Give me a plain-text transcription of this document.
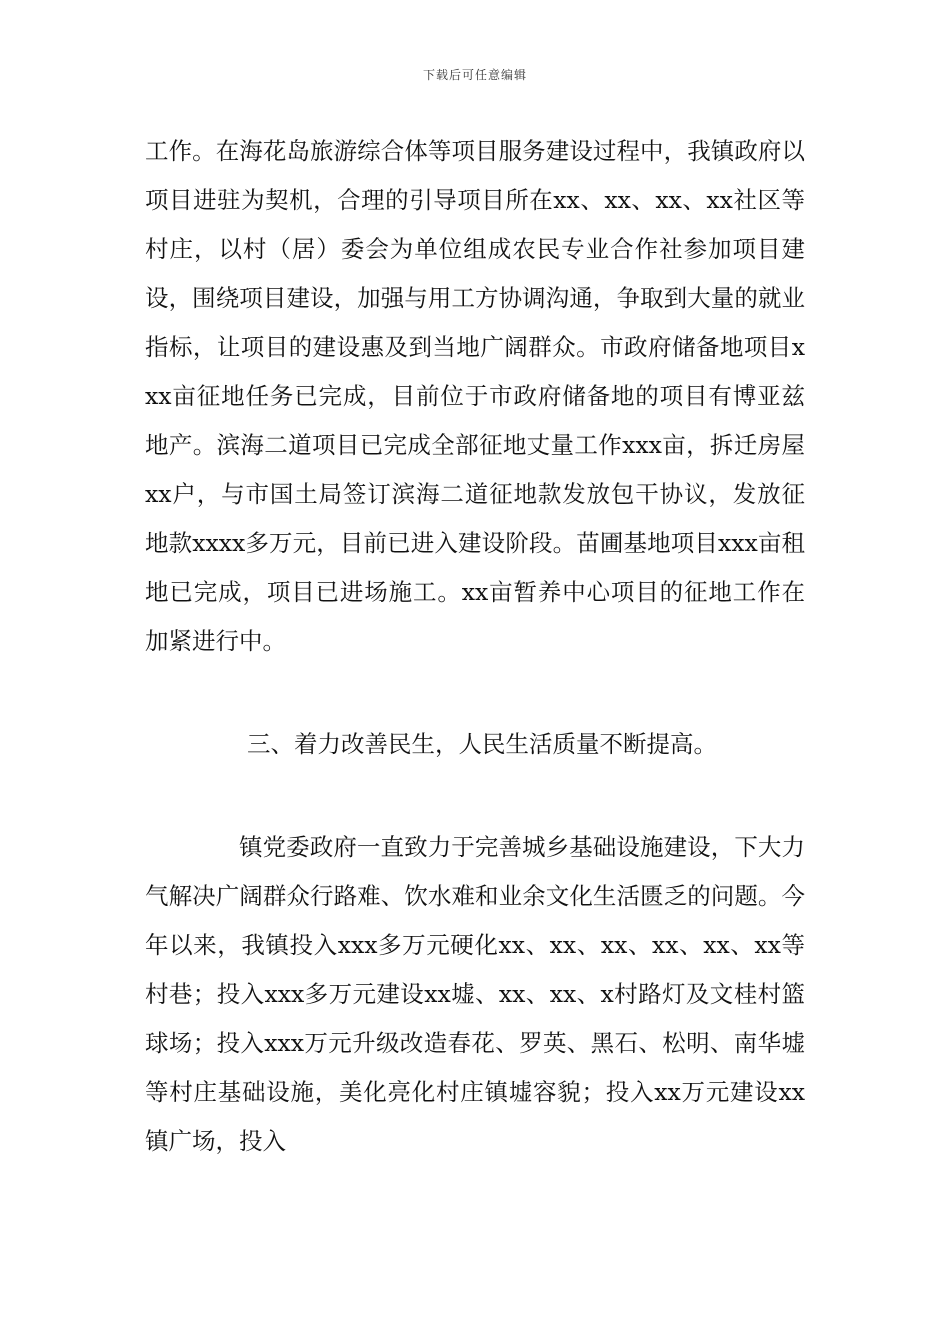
下载后可任意编辑

工作。在海花岛旅游综合体等项目服务建设过程中，我镇政府以项目进驻为契机，合理的引导项目所在xx、xx、xx、xx社区等村庄，以村（居）委会为单位组成农民专业合作社参加项目建设，围绕项目建设，加强与用工方协调沟通，争取到大量的就业指标，让项目的建设惠及到当地广阔群众。市政府储备地项目xxx亩征地任务已完成，目前位于市政府储备地的项目有博亚兹地产。滨海二道项目已完成全部征地丈量工作xxx亩，拆迁房屋xx户，与市国土局签订滨海二道征地款发放包干协议，发放征地款xxxx多万元，目前已进入建设阶段。苗圃基地项目xxx亩租地已完成，项目已进场施工。xx亩暂养中心项目的征地工作在加紧进行中。

三、着力改善民生，人民生活质量不断提高。

镇党委政府一直致力于完善城乡基础设施建设，下大力气解决广阔群众行路难、饮水难和业余文化生活匮乏的问题。今年以来，我镇投入xxx多万元硬化xx、xx、xx、xx、xx、xx等村巷；投入xxx多万元建设xx墟、xx、xx、x村路灯及文桂村篮球场；投入xxx万元升级改造春花、罗英、黑石、松明、南华墟等村庄基础设施，美化亮化村庄镇墟容貌；投入xx万元建设xx镇广场，投入
